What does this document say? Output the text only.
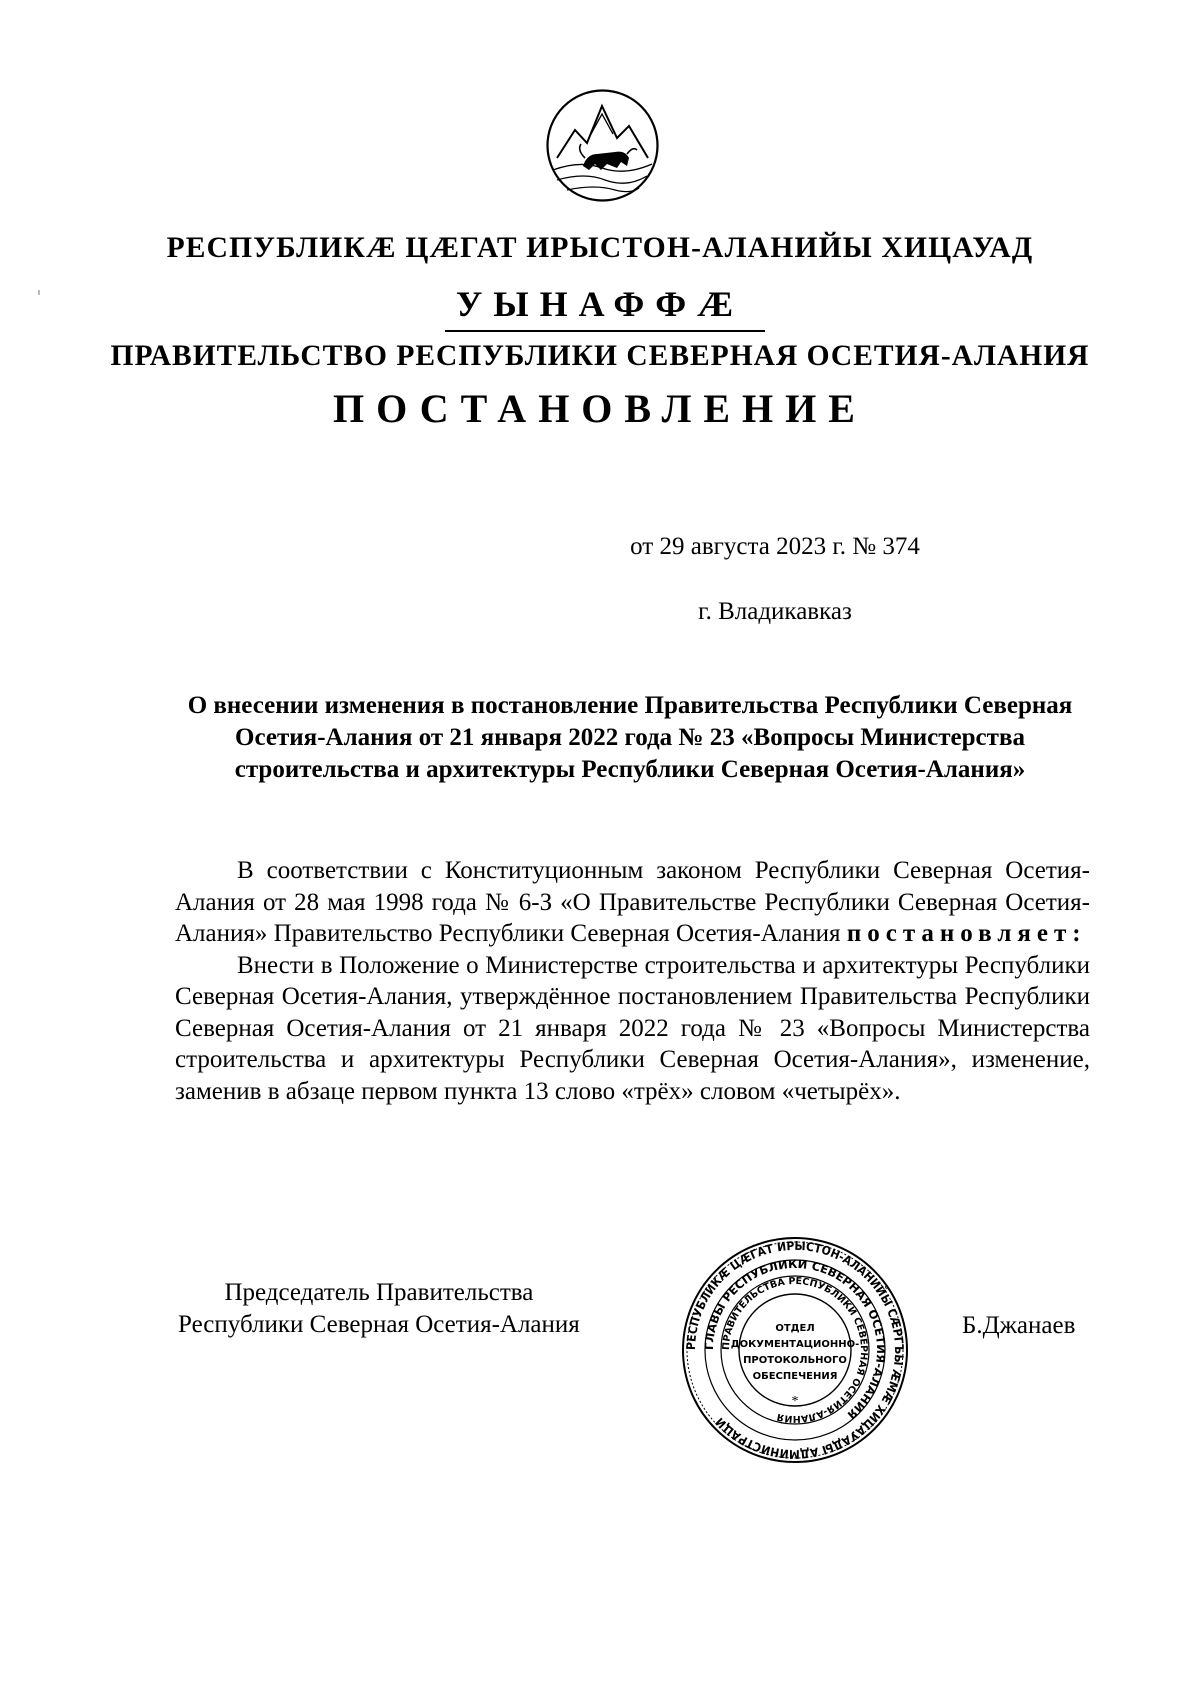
РЕСПУБЛИКӔ ЦӔГАТ ИРЫСТОН-АЛАНИЙЫ ХИЦАУАД
УЫНАФФӔ
ПРАВИТЕЛЬСТВО РЕСПУБЛИКИ СЕВЕРНАЯ ОСЕТИЯ-АЛАНИЯ
ПОСТАНОВЛЕНИЕ
от 29 августа 2023 г. № 374
г. Владикавказ
О внесении изменения в постановление Правительства Республики Северная Осетия-Алания от 21 января 2022 года № 23 «Вопросы Министерства строительства и архитектуры Республики Северная Осетия-Алания»

В соответствии с Конституционным законом Республики Северная Осетия-Алания от 28 мая 1998 года № 6-З «О Правительстве Республики Северная Осетия-Алания» Правительство Республики Северная Осетия-Алания постановляет:

Внести в Положение о Министерстве строительства и архитектуры Республики Северная Осетия-Алания, утверждённое постановлением Правительства Республики Северная Осетия-Алания от 21 января 2022 года № 23 «Вопросы Министерства строительства и архитектуры Республики Северная Осетия-Алания», изменение, заменив в абзаце первом пункта 13 слово «трёх» словом «четырёх».

Председатель Правительства
Республики Северная Осетия-Алания
РЕСПУБЛИКӔ ЦӔГАТ ИРЫСТОН-АЛАНИЙЫ СӔРГЪЫ ӔМӔ ХИЦАУАДЫ АДМИНИСТРАЦИ
ГЛАВЫ РЕСПУБЛИКИ СЕВЕРНАЯ ОСЕТИЯ-АЛАНИЯ
ПРАВИТЕЛЬСТВА РЕСПУБЛИКИ СЕВЕРНАЯ ОСЕТИЯ-АЛАНИЯ
ОТДЕЛ
ДОКУМЕНТАЦИОННО-
ПРОТОКОЛЬНОГО
ОБЕСПЕЧЕНИЯ
*
Б.Джанаев
